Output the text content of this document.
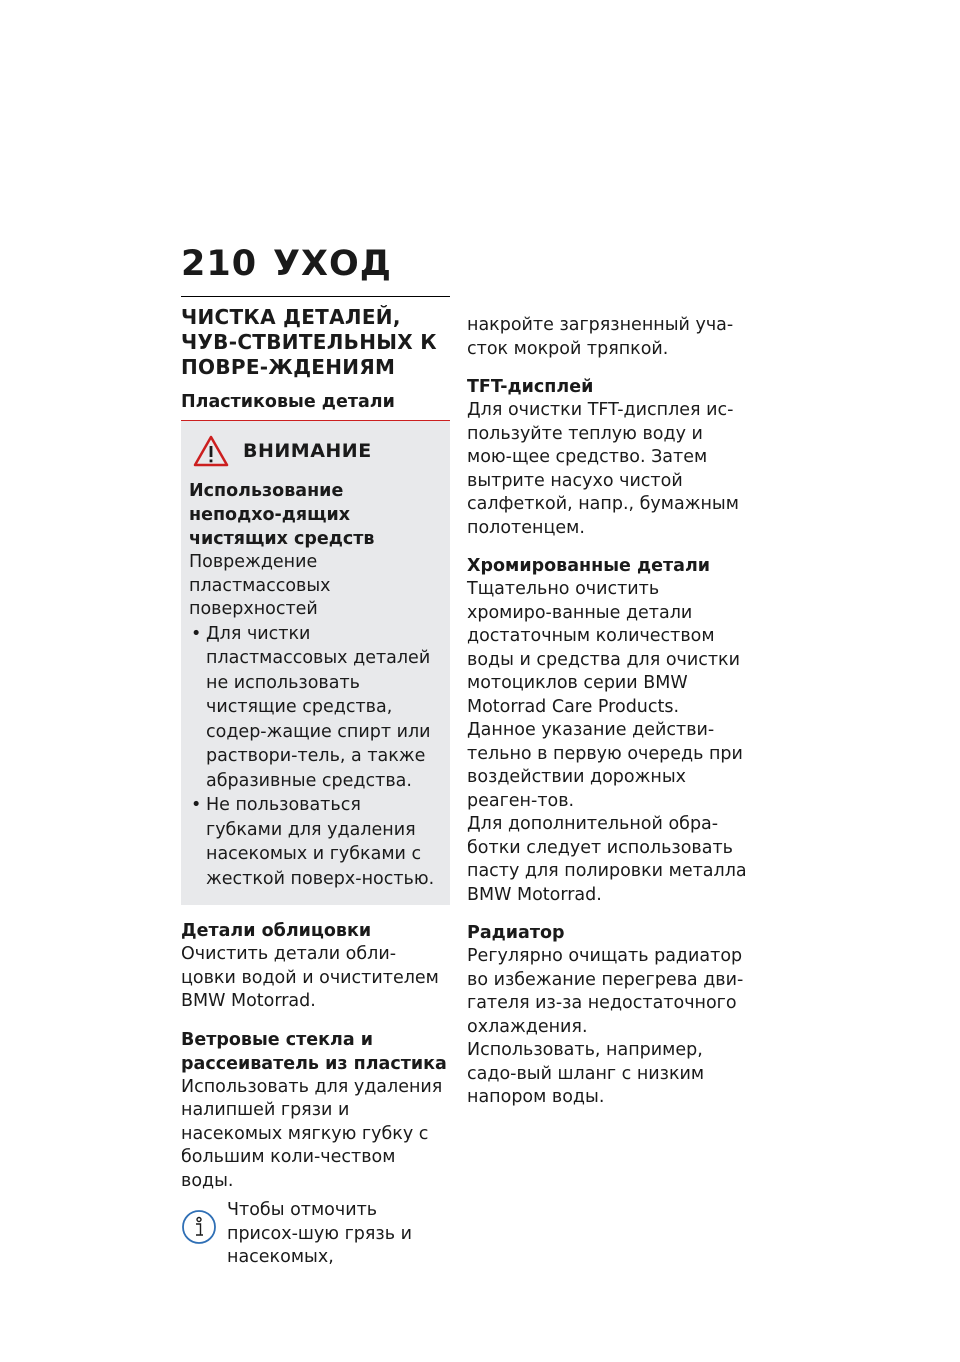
210 УХОД
ЧИСТКА ДЕТАЛЕЙ, ЧУВ-СТВИТЕЛЬНЫХ К ПОВРЕ-ЖДЕНИЯМ
Пластиковые детали
ВНИМАНИЕ

Использование неподхо-дящих чистящих средств

Повреждение пластмассовых поверхностей

• Для чистки пластмассовых деталей не использовать чистящие средства, содер-жащие спирт или раствори-тель, а также абразивные средства.
• Не пользоваться губками для удаления насекомых и губками с жесткой поверх-ностью.
Детали облицовки

Очистить детали обли-цовки водой и очистителем BMW Motorrad.

Ветровые стекла и рассеиватель из пластика

Использовать для удаления налипшей грязи и насекомых мягкую губку с большим коли-чеством воды.

Чтобы отмочить присох-шую грязь и насекомых,

накройте загрязненный уча-сток мокрой тряпкой.

TFT-дисплей

Для очистки TFT-дисплея ис-пользуйте теплую воду и мою-щее средство. Затем вытрите насухо чистой салфеткой, напр., бумажным полотенцем.

Хромированные детали

Тщательно очистить хромиро-ванные детали достаточным количеством воды и средства для очистки мотоциклов серии BMW Motorrad Care Products.

Данное указание действи-тельно в первую очередь при воздействии дорожных реаген-тов.

Для дополнительной обра-ботки следует использовать пасту для полировки металла BMW Motorrad.

Радиатор

Регулярно очищать радиатор во избежание перегрева дви-гателя из-за недостаточного охлаждения.

Использовать, например, садо-вый шланг с низким напором воды.
